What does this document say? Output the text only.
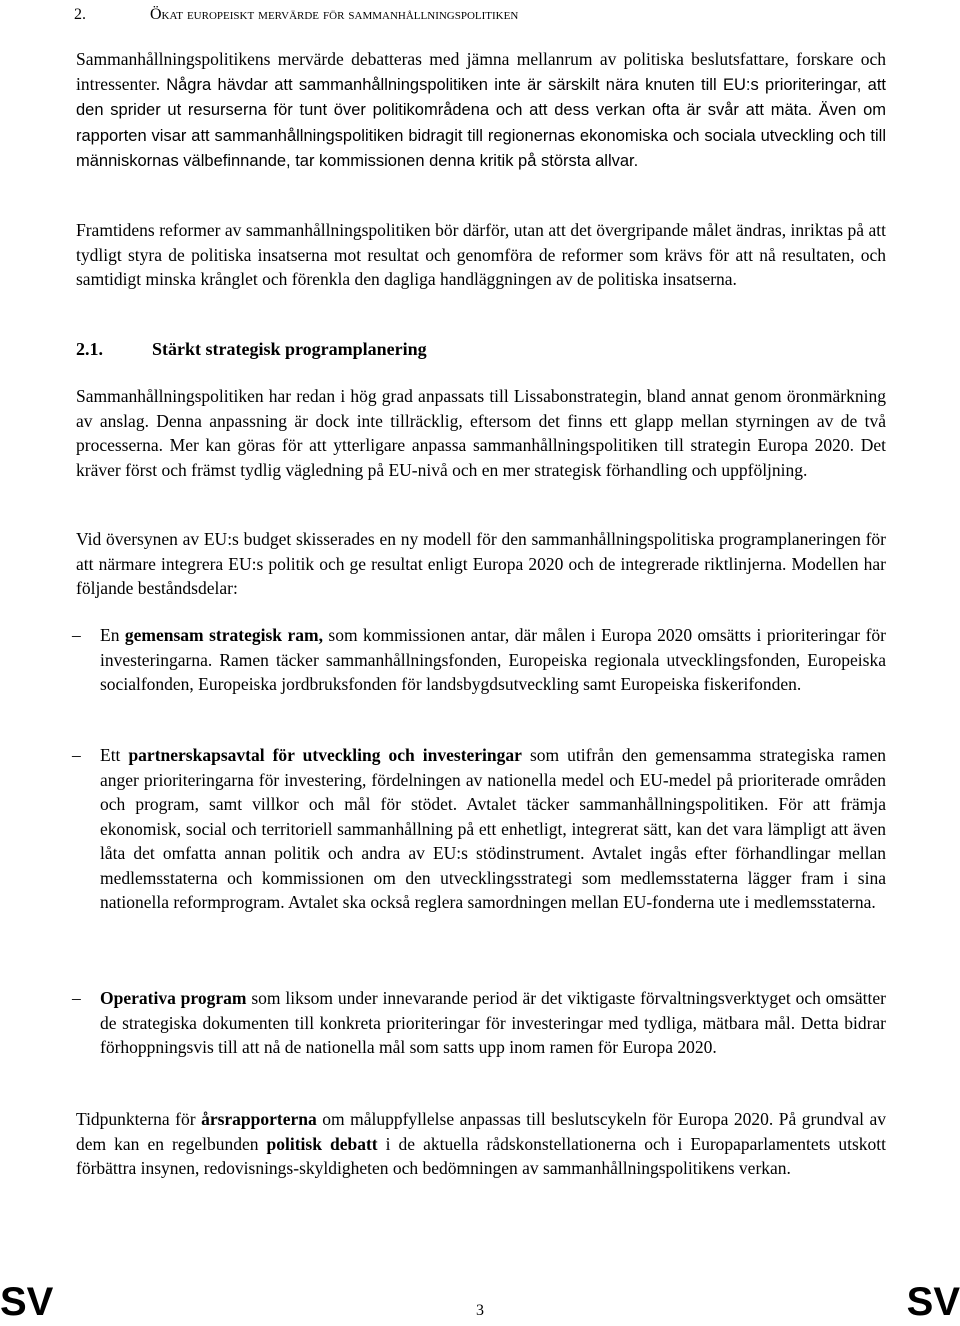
2.	Ökat europeiskt mervärde för sammanhållningspolitiken
Sammanhållningspolitikens mervärde debatteras med jämna mellanrum av politiska beslutsfattare, forskare och intressenter. Några hävdar att sammanhållningspolitiken inte är särskilt nära knuten till EU:s prioriteringar, att den sprider ut resurserna för tunt över politikområdena och att dess verkan ofta är svår att mäta. Även om rapporten visar att sammanhållningspolitiken bidragit till regionernas ekonomiska och sociala utveckling och till människornas välbefinnande, tar kommissionen denna kritik på största allvar.
Framtidens reformer av sammanhållningspolitiken bör därför, utan att det övergripande målet ändras, inriktas på att tydligt styra de politiska insatserna mot resultat och genomföra de reformer som krävs för att nå resultaten, och samtidigt minska krånglet och förenkla den dagliga handläggningen av de politiska insatserna.
2.1.	Stärkt strategisk programplanering
Sammanhållningspolitiken har redan i hög grad anpassats till Lissabonstrategin, bland annat genom öronmärkning av anslag. Denna anpassning är dock inte tillräcklig, eftersom det finns ett glapp mellan styrningen av de två processerna. Mer kan göras för att ytterligare anpassa sammanhållningspolitiken till strategin Europa 2020. Det kräver först och främst tydlig vägledning på EU-nivå och en mer strategisk förhandling och uppföljning.
Vid översynen av EU:s budget skisserades en ny modell för den sammanhållningspolitiska programplaneringen för att närmare integrera EU:s politik och ge resultat enligt Europa 2020 och de integrerade riktlinjerna. Modellen har följande beståndsdelar:
–	En gemensam strategisk ram, som kommissionen antar, där målen i Europa 2020 omsätts i prioriteringar för investeringarna. Ramen täcker sammanhållningsfonden, Europeiska regionala utvecklingsfonden, Europeiska socialfonden, Europeiska jordbruksfonden för landsbygdsutveckling samt Europeiska fiskerifonden.
–	Ett partnerskapsavtal för utveckling och investeringar som utifrån den gemensamma strategiska ramen anger prioriteringarna för investering, fördelningen av nationella medel och EU-medel på prioriterade områden och program, samt villkor och mål för stödet. Avtalet täcker sammanhållningspolitiken. För att främja ekonomisk, social och territoriell sammanhållning på ett enhetligt, integrerat sätt, kan det vara lämpligt att även låta det omfatta annan politik och andra av EU:s stödinstrument. Avtalet ingås efter förhandlingar mellan medlemsstaterna och kommissionen om den utvecklingsstrategi som medlemsstaterna lägger fram i sina nationella reformprogram. Avtalet ska också reglera samordningen mellan EU-fonderna ute i medlemsstaterna.
–	Operativa program som liksom under innevarande period är det viktigaste förvaltningsverktyget och omsätter de strategiska dokumenten till konkreta prioriteringar för investeringar med tydliga, mätbara mål. Detta bidrar förhoppningsvis till att nå de nationella mål som satts upp inom ramen för Europa 2020.
Tidpunkterna för årsrapporterna om måluppfyllelse anpassas till beslutscykeln för Europa 2020. På grundval av dem kan en regelbunden politisk debatt i de aktuella rådskonstellationerna och i Europaparlamentets utskott förbättra insynen, redovisnings-skyldigheten och bedömningen av sammanhållningspolitikens verkan.
SV	3	SV
